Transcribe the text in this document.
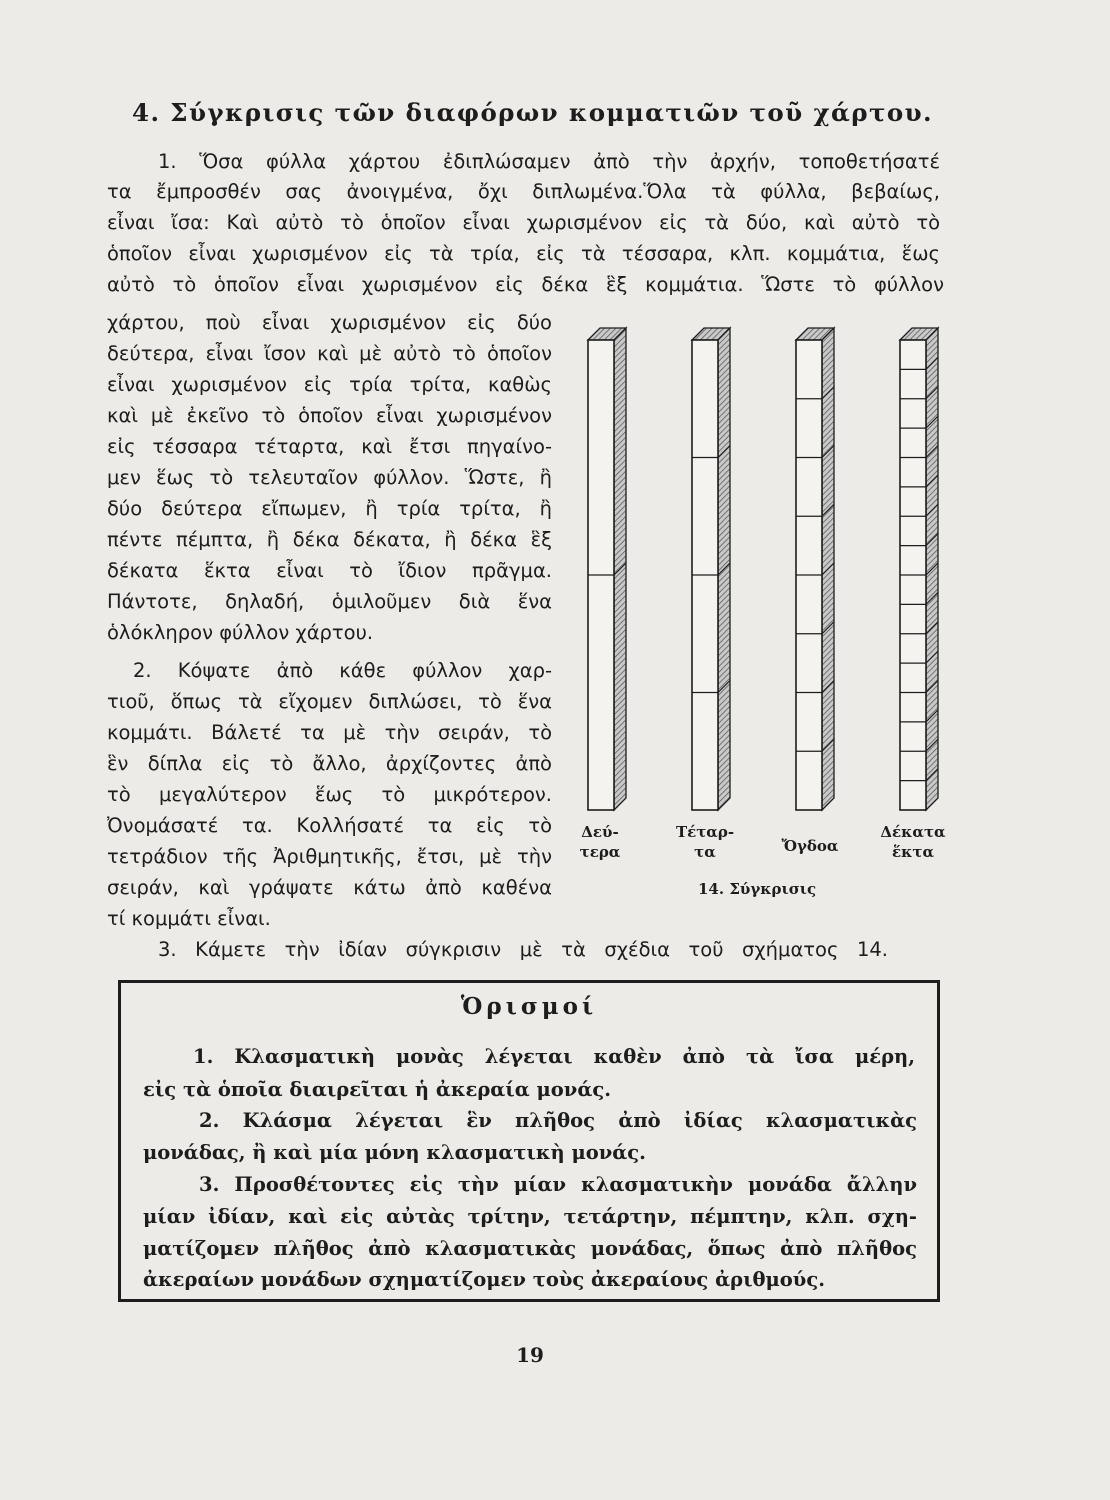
4. Σύγκρισις τῶν διαφόρων κομματιῶν τοῦ χάρτου.
1. Ὅσα φύλλα χάρτου ἐδιπλώσαμεν ἀπὸ τὴν ἀρχήν, τοποθετήσατέ
τα ἔμπροσθέν σας ἀνοιγμένα, ὄχι διπλωμένα.Ὅλα τὰ φύλλα, βεβαίως,
εἶναι ἴσα: Καὶ αὐτὸ τὸ ὁποῖον εἶναι χωρισμένον εἰς τὰ δύο, καὶ αὐτὸ τὸ
ὁποῖον εἶναι χωρισμένον εἰς τὰ τρία, εἰς τὰ τέσσαρα, κλπ. κομμάτια, ἕως
αὐτὸ τὸ ὁποῖον εἶναι χωρισμένον εἰς δέκα ἓξ κομμάτια. Ὥστε τὸ φύλλον
χάρτου, ποὺ εἶναι χωρισμένον εἰς δύο
δεύτερα, εἶναι ἴσον καὶ μὲ αὐτὸ τὸ ὁποῖον
εἶναι χωρισμένον εἰς τρία τρίτα, καθὼς
καὶ μὲ ἐκεῖνο τὸ ὁποῖον εἶναι χωρισμένον
εἰς τέσσαρα τέταρτα, καὶ ἔτσι πηγαίνο-
μεν ἕως τὸ τελευταῖον φύλλον. Ὥστε, ἢ
δύο δεύτερα εἴπωμεν, ἢ τρία τρίτα, ἢ
πέντε πέμπτα, ἢ δέκα δέκατα, ἢ δέκα ἓξ
δέκατα ἕκτα εἶναι τὸ ἴδιον πρᾶγμα.
Πάντοτε, δηλαδή, ὁμιλοῦμεν διὰ ἕνα
ὁλόκληρον φύλλον χάρτου.
2. Κόψατε ἀπὸ κάθε φύλλον χαρ-
τιοῦ, ὅπως τὰ εἴχομεν διπλώσει, τὸ ἕνα
κομμάτι. Βάλετέ τα μὲ τὴν σειράν, τὸ
ἓν δίπλα εἰς τὸ ἄλλο, ἀρχίζοντες ἀπὸ
τὸ μεγαλύτερον ἕως τὸ μικρότερον.
Ὀνομάσατέ τα. Κολλήσατέ τα εἰς τὸ
τετράδιον τῆς Ἀριθμητικῆς, ἔτσι, μὲ τὴν
σειράν, καὶ γράψατε κάτω ἀπὸ καθένα
τί κομμάτι εἶναι.
3. Κάμετε τὴν ἰδίαν σύγκρισιν μὲ τὰ σχέδια τοῦ σχήματος 14.
Δεύ-
τερα
Τέταρ-
τα	Ὄγδοα
Δέκατα
ἕκτα
14. Σύγκρισις
Ὁρισμοί
1. Κλασματικὴ μονὰς λέγεται καθὲν ἀπὸ τὰ ἴσα μέρη,
εἰς τὰ ὁποῖα διαιρεῖται ἡ ἀκεραία μονάς.
2. Κλάσμα λέγεται ἓν πλῆθος ἀπὸ ἰδίας κλασματικὰς
μονάδας, ἢ καὶ μία μόνη κλασματικὴ μονάς.
3. Προσθέτοντες εἰς τὴν μίαν κλασματικὴν μονάδα ἄλλην
μίαν ἰδίαν, καὶ εἰς αὐτὰς τρίτην, τετάρτην, πέμπτην, κλπ. σχη-
ματίζομεν πλῆθος ἀπὸ κλασματικὰς μονάδας, ὅπως ἀπὸ πλῆθος
ἀκεραίων μονάδων σχηματίζομεν τοὺς ἀκεραίους ἀριθμούς.
19
